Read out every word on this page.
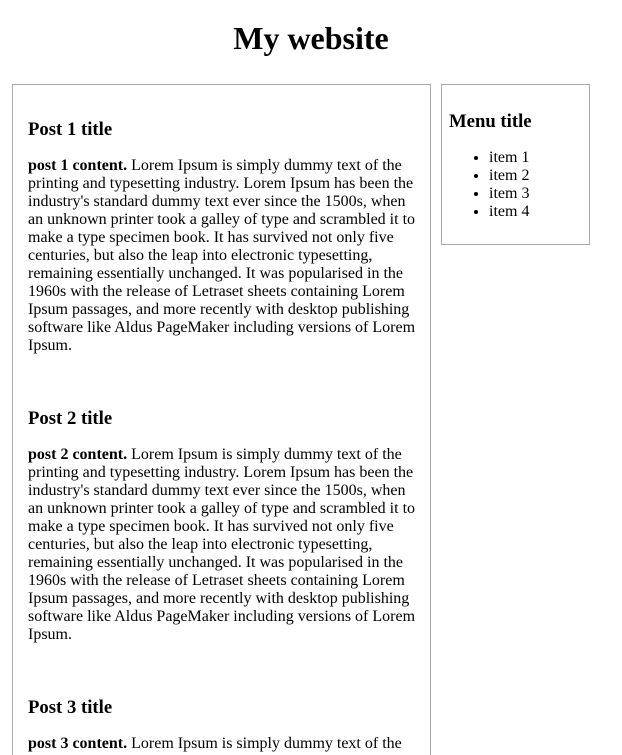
My website
Post 1 title

post 1 content. Lorem Ipsum is simply dummy text of the printing and typesetting industry. Lorem Ipsum has been the industry's standard dummy text ever since the 1500s, when an unknown printer took a galley of type and scrambled it to make a type specimen book. It has survived not only five centuries, but also the leap into electronic typesetting, remaining essentially unchanged. It was popularised in the 1960s with the release of Letraset sheets containing Lorem Ipsum passages, and more recently with desktop publishing software like Aldus PageMaker including versions of Lorem Ipsum.

Post 2 title

post 2 content. Lorem Ipsum is simply dummy text of the printing and typesetting industry. Lorem Ipsum has been the industry's standard dummy text ever since the 1500s, when an unknown printer took a galley of type and scrambled it to make a type specimen book. It has survived not only five centuries, but also the leap into electronic typesetting, remaining essentially unchanged. It was popularised in the 1960s with the release of Letraset sheets containing Lorem Ipsum passages, and more recently with desktop publishing software like Aldus PageMaker including versions of Lorem Ipsum.

Post 3 title

post 3 content. Lorem Ipsum is simply dummy text of the

Menu title
• item 1
• item 2
• item 3
• item 4
